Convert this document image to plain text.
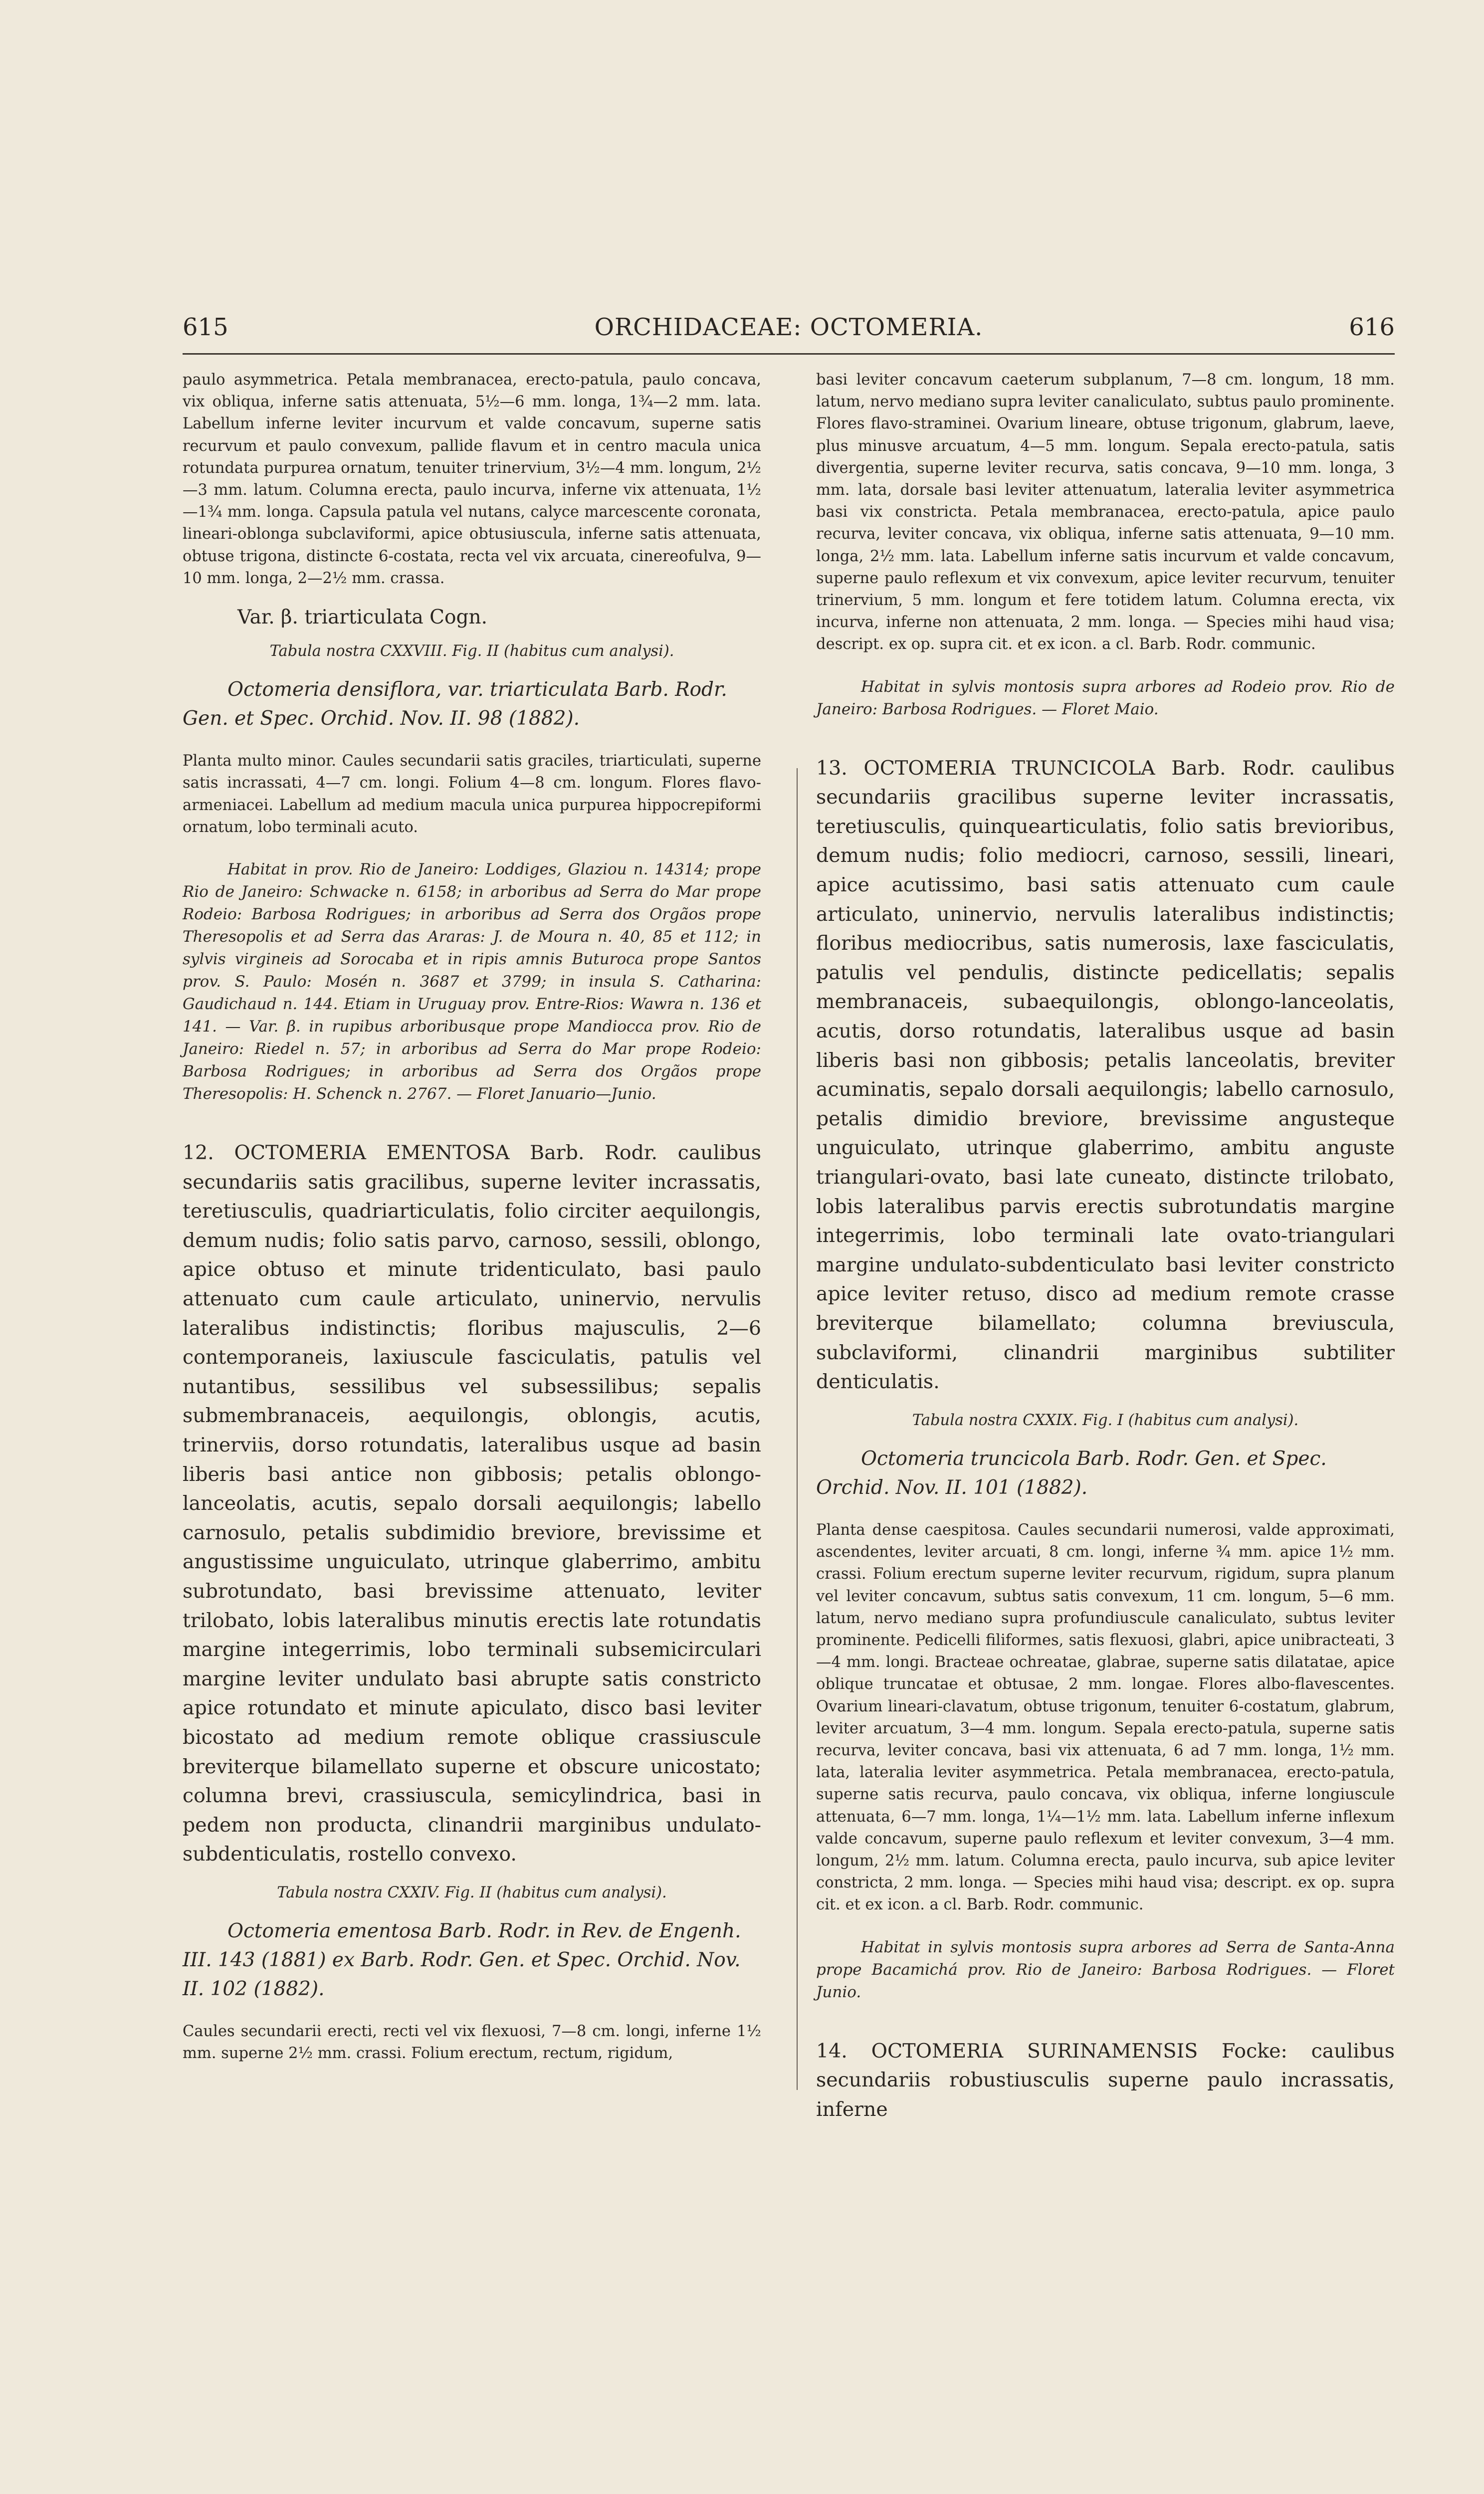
615	ORCHIDACEAE: OCTOMERIA.	616

paulo asymmetrica. Petala membranacea, erecto-patula, paulo concava, vix obliqua, inferne satis attenuata, 5½—6 mm. longa, 1¾—2 mm. lata. Labellum inferne leviter incurvum et valde concavum, superne satis recurvum et paulo convexum, pallide flavum et in centro macula unica rotundata purpurea ornatum, tenuiter trinervium, 3½—4 mm. longum, 2½—3 mm. latum. Columna erecta, paulo incurva, inferne vix attenuata, 1½—1¾ mm. longa. Capsula patula vel nutans, calyce marcescente coronata, lineari-oblonga subclaviformi, apice obtusiuscula, inferne satis attenuata, obtuse trigona, distincte 6-costata, recta vel vix arcuata, cinereofulva, 9—10 mm. longa, 2—2½ mm. crassa.

Var. β. triarticulata Cogn.

Tabula nostra CXXVIII. Fig. II (habitus cum analysi).

Octomeria densiflora, var. triarticulata Barb. Rodr. Gen. et Spec. Orchid. Nov. II. 98 (1882).

Planta multo minor. Caules secundarii satis graciles, triarticulati, superne satis incrassati, 4—7 cm. longi. Folium 4—8 cm. longum. Flores flavo-armeniacei. Labellum ad medium macula unica purpurea hippocrepiformi ornatum, lobo terminali acuto.

Habitat in prov. Rio de Janeiro: Loddiges, Glaziou n. 14314; prope Rio de Janeiro: Schwacke n. 6158; in arboribus ad Serra do Mar prope Rodeio: Barbosa Rodrigues; in arboribus ad Serra dos Orgãos prope Theresopolis et ad Serra das Araras: J. de Moura n. 40, 85 et 112; in sylvis virgineis ad Sorocaba et in ripis amnis Buturoca prope Santos prov. S. Paulo: Mosén n. 3687 et 3799; in insula S. Catharina: Gaudichaud n. 144. Etiam in Uruguay prov. Entre-Rios: Wawra n. 136 et 141. — Var. β. in rupibus arboribusque prope Mandiocca prov. Rio de Janeiro: Riedel n. 57; in arboribus ad Serra do Mar prope Rodeio: Barbosa Rodrigues; in arboribus ad Serra dos Orgãos prope Theresopolis: H. Schenck n. 2767. — Floret Januario—Junio.

12. OCTOMERIA EMENTOSA Barb. Rodr. caulibus secundariis satis gracilibus, superne leviter incrassatis, teretiusculis, quadriarticulatis, folio circiter aequilongis, demum nudis; folio satis parvo, carnoso, sessili, oblongo, apice obtuso et minute tridenticulato, basi paulo attenuato cum caule articulato, uninervio, nervulis lateralibus indistinctis; floribus majusculis, 2—6 contemporaneis, laxiuscule fasciculatis, patulis vel nutantibus, sessilibus vel subsessilibus; sepalis submembranaceis, aequilongis, oblongis, acutis, trinerviis, dorso rotundatis, lateralibus usque ad basin liberis basi antice non gibbosis; petalis oblongo-lanceolatis, acutis, sepalo dorsali aequilongis; labello carnosulo, petalis subdimidio breviore, brevissime et angustissime unguiculato, utrinque glaberrimo, ambitu subrotundato, basi brevissime attenuato, leviter trilobato, lobis lateralibus minutis erectis late rotundatis margine integerrimis, lobo terminali subsemicirculari margine leviter undulato basi abrupte satis constricto apice rotundato et minute apiculato, disco basi leviter bicostato ad medium remote oblique crassiuscule breviterque bilamellato superne et obscure unicostato; columna brevi, crassiuscula, semicylindrica, basi in pedem non producta, clinandrii marginibus undulato-subdenticulatis, rostello convexo.

Tabula nostra CXXIV. Fig. II (habitus cum analysi).

Octomeria ementosa Barb. Rodr. in Rev. de Engenh. III. 143 (1881) ex Barb. Rodr. Gen. et Spec. Orchid. Nov. II. 102 (1882).

Caules secundarii erecti, recti vel vix flexuosi, 7—8 cm. longi, inferne 1½ mm. superne 2½ mm. crassi. Folium erectum, rectum, rigidum,

basi leviter concavum caeterum subplanum, 7—8 cm. longum, 18 mm. latum, nervo mediano supra leviter canaliculato, subtus paulo prominente. Flores flavo-straminei. Ovarium lineare, obtuse trigonum, glabrum, laeve, plus minusve arcuatum, 4—5 mm. longum. Sepala erecto-patula, satis divergentia, superne leviter recurva, satis concava, 9—10 mm. longa, 3 mm. lata, dorsale basi leviter attenuatum, lateralia leviter asymmetrica basi vix constricta. Petala membranacea, erecto-patula, apice paulo recurva, leviter concava, vix obliqua, inferne satis attenuata, 9—10 mm. longa, 2½ mm. lata. Labellum inferne satis incurvum et valde concavum, superne paulo reflexum et vix convexum, apice leviter recurvum, tenuiter trinervium, 5 mm. longum et fere totidem latum. Columna erecta, vix incurva, inferne non attenuata, 2 mm. longa. — Species mihi haud visa; descript. ex op. supra cit. et ex icon. a cl. Barb. Rodr. communic.

Habitat in sylvis montosis supra arbores ad Rodeio prov. Rio de Janeiro: Barbosa Rodrigues. — Floret Maio.

13. OCTOMERIA TRUNCICOLA Barb. Rodr. caulibus secundariis gracilibus superne leviter incrassatis, teretiusculis, quinquearticulatis, folio satis brevioribus, demum nudis; folio mediocri, carnoso, sessili, lineari, apice acutissimo, basi satis attenuato cum caule articulato, uninervio, nervulis lateralibus indistinctis; floribus mediocribus, satis numerosis, laxe fasciculatis, patulis vel pendulis, distincte pedicellatis; sepalis membranaceis, subaequilongis, oblongo-lanceolatis, acutis, dorso rotundatis, lateralibus usque ad basin liberis basi non gibbosis; petalis lanceolatis, breviter acuminatis, sepalo dorsali aequilongis; labello carnosulo, petalis dimidio breviore, brevissime angusteque unguiculato, utrinque glaberrimo, ambitu anguste triangulari-ovato, basi late cuneato, distincte trilobato, lobis lateralibus parvis erectis subrotundatis margine integerrimis, lobo terminali late ovato-triangulari margine undulato-subdenticulato basi leviter constricto apice leviter retuso, disco ad medium remote crasse breviterque bilamellato; columna breviuscula, subclaviformi, clinandrii marginibus subtiliter denticulatis.

Tabula nostra CXXIX. Fig. I (habitus cum analysi).

Octomeria truncicola Barb. Rodr. Gen. et Spec. Orchid. Nov. II. 101 (1882).

Planta dense caespitosa. Caules secundarii numerosi, valde approximati, ascendentes, leviter arcuati, 8 cm. longi, inferne ¾ mm. apice 1½ mm. crassi. Folium erectum superne leviter recurvum, rigidum, supra planum vel leviter concavum, subtus satis convexum, 11 cm. longum, 5—6 mm. latum, nervo mediano supra profundiuscule canaliculato, subtus leviter prominente. Pedicelli filiformes, satis flexuosi, glabri, apice unibracteati, 3—4 mm. longi. Bracteae ochreatae, glabrae, superne satis dilatatae, apice oblique truncatae et obtusae, 2 mm. longae. Flores albo-flavescentes. Ovarium lineari-clavatum, obtuse trigonum, tenuiter 6-costatum, glabrum, leviter arcuatum, 3—4 mm. longum. Sepala erecto-patula, superne satis recurva, leviter concava, basi vix attenuata, 6 ad 7 mm. longa, 1½ mm. lata, lateralia leviter asymmetrica. Petala membranacea, erecto-patula, superne satis recurva, paulo concava, vix obliqua, inferne longiuscule attenuata, 6—7 mm. longa, 1¼—1½ mm. lata. Labellum inferne inflexum valde concavum, superne paulo reflexum et leviter convexum, 3—4 mm. longum, 2½ mm. latum. Columna erecta, paulo incurva, sub apice leviter constricta, 2 mm. longa. — Species mihi haud visa; descript. ex op. supra cit. et ex icon. a cl. Barb. Rodr. communic.

Habitat in sylvis montosis supra arbores ad Serra de Santa-Anna prope Bacamichá prov. Rio de Janeiro: Barbosa Rodrigues. — Floret Junio.

14. OCTOMERIA SURINAMENSIS Focke: caulibus secundariis robustiusculis superne paulo incrassatis, inferne
